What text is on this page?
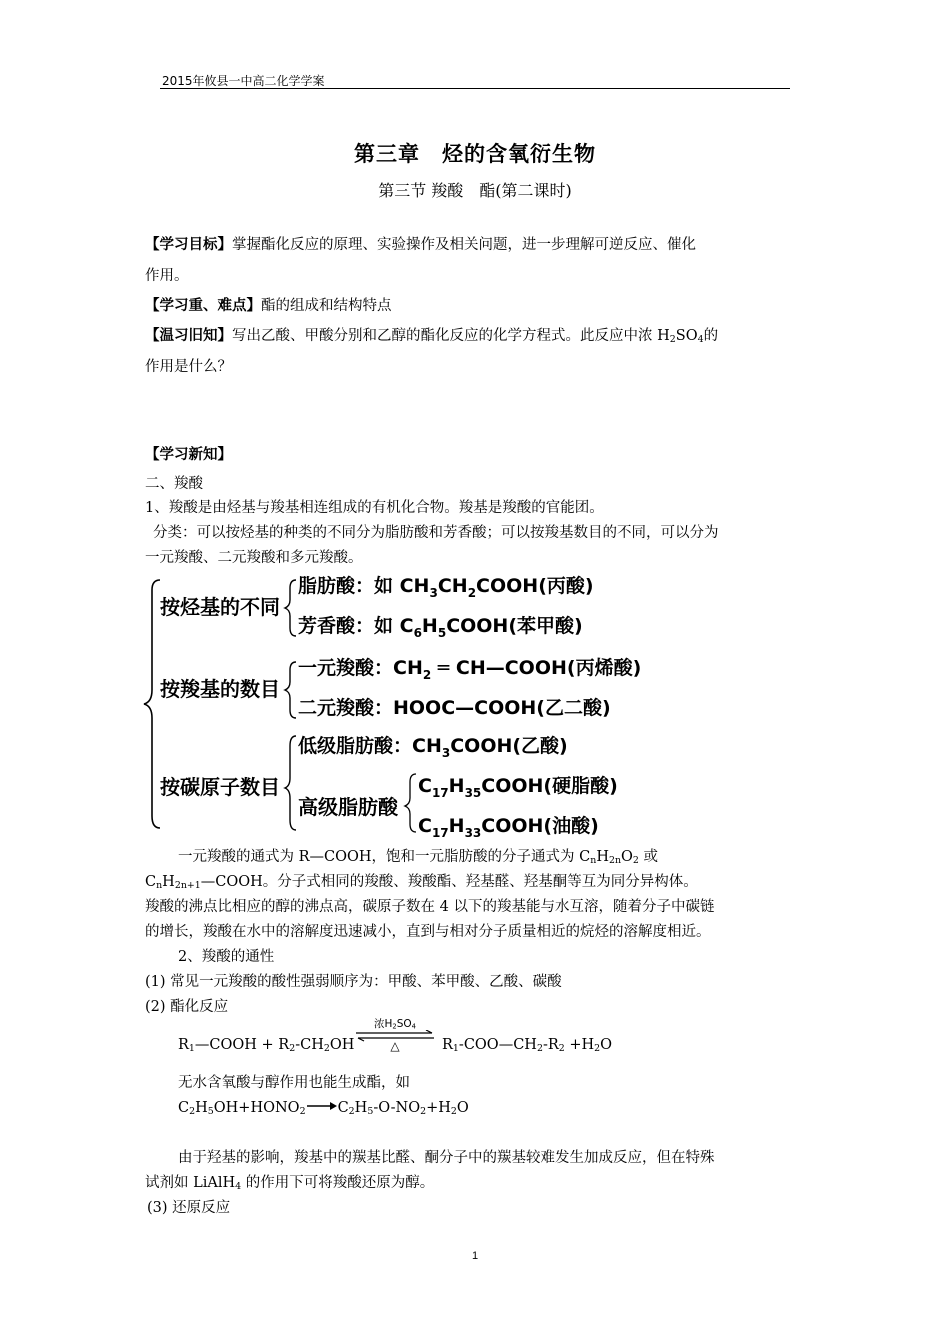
2015年攸县一中高二化学学案
第三章　烃的含氧衍生物
第三节 羧酸　酯(第二课时)
【学习目标】掌握酯化反应的原理、实验操作及相关问题，进一步理解可逆反应、催化
作用。
【学习重、难点】酯的组成和结构特点
【温习旧知】写出乙酸、甲酸分别和乙醇的酯化反应的化学方程式。此反应中浓 $H_2SO_4$的
作用是什么？
【学习新知】
二、羧酸
1、羧酸是由烃基与羧基相连组成的有机化合物。羧基是羧酸的官能团。
分类：可以按烃基的种类的不同分为脂肪酸和芳香酸；可以按羧基数目的不同，可以分为
一元羧酸、二元羧酸和多元羧酸。
按烃基的不同
脂肪酸：如 $CH_3CH_2COOH$(丙酸)
芳香酸：如 $C_6H_5COOH$(苯甲酸)
按羧基的数目
一元羧酸：$CH_2$ ═ CH—COOH(丙烯酸)
二元羧酸：HOOC—COOH(乙二酸)
按碳原子数目
低级脂肪酸：$CH_3COOH$(乙酸)
高级脂肪酸
$C_{17}H_{35}COOH$(硬脂酸)
$C_{17}H_{33}COOH$(油酸)
一元羧酸的通式为 R—COOH，饱和一元脂肪酸的分子通式为 $C_nH_{2n}O_2$ 或
$C_nH_{2n+1}—COOH$。分子式相同的羧酸、羧酸酯、羟基醛、羟基酮等互为同分异构体。
羧酸的沸点比相应的醇的沸点高，碳原子数在 4 以下的羧基能与水互溶，随着分子中碳链
的增长，羧酸在水中的溶解度迅速减小，直到与相对分子质量相近的烷烃的溶解度相近。
2、羧酸的通性
(1) 常见一元羧酸的酸性强弱顺序为：甲酸、苯甲酸、乙酸、碳酸
(2) 酯化反应
$R_1—COOH + R_2-CH_2OH$
浓$H_2SO_4$
△	$R_1-COO—CH_2-R_2 +H_2O$
无水含氧酸与醇作用也能生成酯，如
$C_2H_5OH+HONO_2\to C_2H_5-O-NO_2+H_2O$
由于羟基的影响，羧基中的羰基比醛、酮分子中的羰基较难发生加成反应，但在特殊
试剂如 LiAlH$_4$ 的作用下可将羧酸还原为醇。
(3) 还原反应
1
